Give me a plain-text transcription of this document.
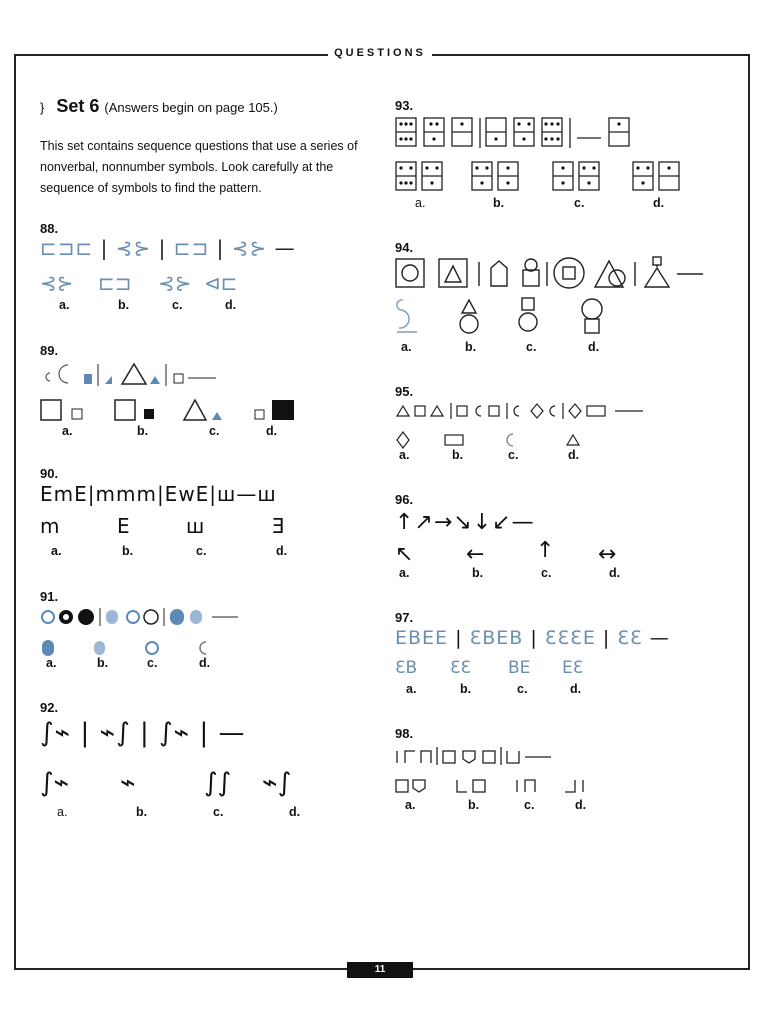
QUESTIONS
} Set 6 (Answers begin on page 105.)
This set contains sequence questions that use a series of nonverbal, nonnumber symbols. Look carefully at the sequence of symbols to find the pattern.
88.
⊏⊐⊏ | ⊰⊱ | ⊏⊐ | ⊰⊱ —
⊰⊱ ⊏⊐ ⊰⊱ ⊲⊏
a.	b.	c.	d.
89.
a.	b.	c.	d.
90.
EmE|mmm|EwE|ш—ш
m	E	ш	Ǝ
a.	b.	c.	d.
91.
a.	b.	c.	d.
92.
∫⌁ | ⌁∫ | ∫⌁ | —
∫⌁ ⌁	∫∫ ⌁∫
a.	b.	c.	d.
93.
a.	b.	c.	d.
94.
a.	b.	c.	d.
95.
a.	b.	c.	d.
96.
↑↗→↘↓↙—
↖ ← ↑ ↔
a.	b.	c.	d.
97.
EBEE | ƐBEB | ƐƐƐE | ƐƐ —
ƐB ƐƐ BE EƐ
a.	b.	c.	d.
98.
a.	b.	c.	d.
11
